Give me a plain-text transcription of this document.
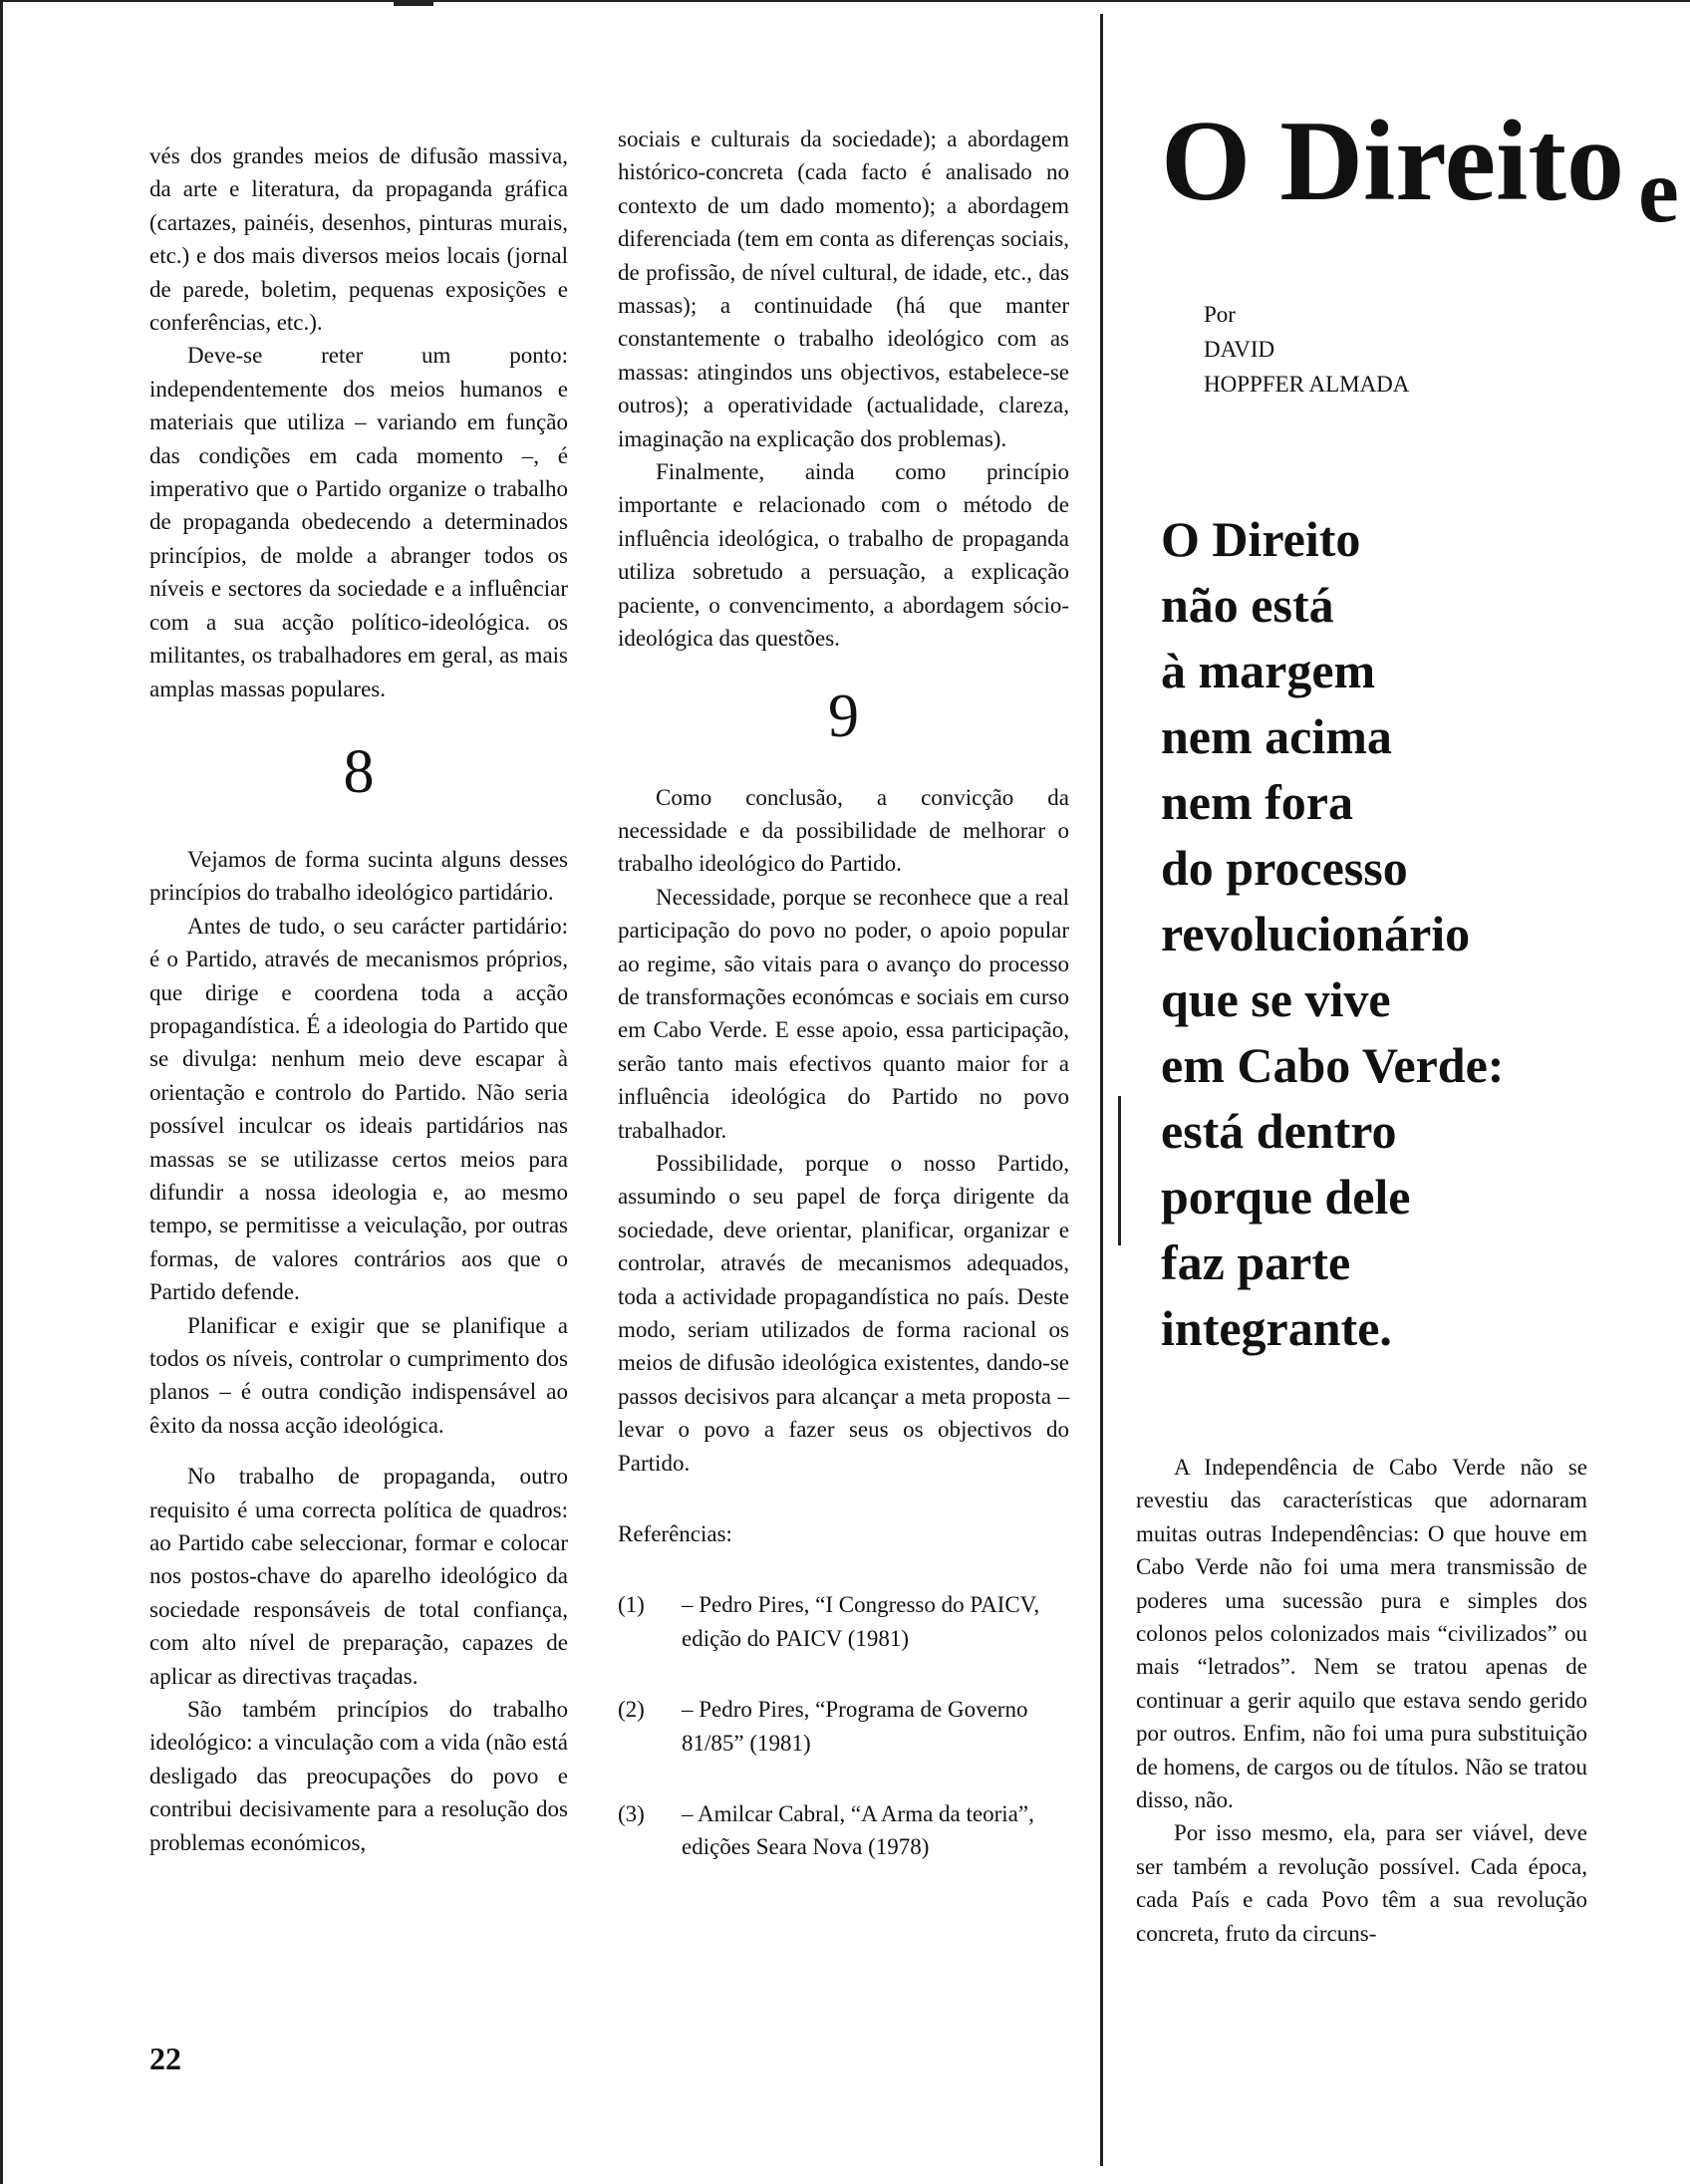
vés dos grandes meios de difusão massiva, da arte e literatura, da propaganda gráfica (cartazes, painéis, desenhos, pinturas murais, etc.) e dos mais diversos meios locais (jornal de parede, boletim, pequenas exposições e conferências, etc.).

Deve-se reter um ponto: independentemente dos meios humanos e materiais que utiliza – variando em função das condições em cada momento –, é imperativo que o Partido organize o trabalho de propaganda obedecendo a determinados princípios, de molde a abranger todos os níveis e sectores da sociedade e a influênciar com a sua acção político-ideológica. os militantes, os trabalhadores em geral, as mais amplas massas populares.

8

Vejamos de forma sucinta alguns desses princípios do trabalho ideológico partidário.

Antes de tudo, o seu carácter partidário: é o Partido, através de mecanismos próprios, que dirige e coordena toda a acção propagandística. É a ideologia do Partido que se divulga: nenhum meio deve escapar à orientação e controlo do Partido. Não seria possível inculcar os ideais partidários nas massas se se utilizasse certos meios para difundir a nossa ideologia e, ao mesmo tempo, se permitisse a veiculação, por outras formas, de valores contrários aos que o Partido defende.

Planificar e exigir que se planifique a todos os níveis, controlar o cumprimento dos planos – é outra condição indispensável ao êxito da nossa acção ideológica.

No trabalho de propaganda, outro requisito é uma correcta política de quadros: ao Partido cabe seleccionar, formar e colocar nos postos-chave do aparelho ideológico da sociedade responsáveis de total confiança, com alto nível de preparação, capazes de aplicar as directivas traçadas.

São também princípios do trabalho ideológico: a vinculação com a vida (não está desligado das preocupações do povo e contribui decisivamente para a resolução dos problemas económicos,

sociais e culturais da sociedade); a abordagem histórico-concreta (cada facto é analisado no contexto de um dado momento); a abordagem diferenciada (tem em conta as diferenças sociais, de profissão, de nível cultural, de idade, etc., das massas); a continuidade (há que manter constantemente o trabalho ideológico com as massas: atingindos uns objectivos, estabelece-se outros); a operatividade (actualidade, clareza, imaginação na explicação dos problemas).

Finalmente, ainda como princípio importante e relacionado com o método de influência ideológica, o trabalho de propaganda utiliza sobretudo a persuação, a explicação paciente, o convencimento, a abordagem sócio-ideológica das questões.

9

Como conclusão, a convicção da necessidade e da possibilidade de melhorar o trabalho ideológico do Partido.

Necessidade, porque se reconhece que a real participação do povo no poder, o apoio popular ao regime, são vitais para o avanço do processo de transformações económcas e sociais em curso em Cabo Verde. E esse apoio, essa participação, serão tanto mais efectivos quanto maior for a influência ideológica do Partido no povo trabalhador.

Possibilidade, porque o nosso Partido, assumindo o seu papel de força dirigente da sociedade, deve orientar, planificar, organizar e controlar, através de mecanismos adequados, toda a actividade propagandística no país. Deste modo, seriam utilizados de forma racional os meios de difusão ideológica existentes, dando-se passos decisivos para alcançar a meta proposta – levar o povo a fazer seus os objectivos do Partido.

Referências:

(1)	– Pedro Pires, “I Congresso do PAICV, edição do PAICV (1981)
(2)	– Pedro Pires, “Programa de Governo 81/85” (1981)
(3)	– Amilcar Cabral, “A Arma da teoria”, edições Seara Nova (1978)
22
O Direito e
Por
DAVID
HOPPFER ALMADA
O Direito
não está
à margem
nem acima
nem fora
do processo
revolucionário
que se vive
em Cabo Verde:
está dentro
porque dele
faz parte
integrante.

A Independência de Cabo Verde não se revestiu das características que adornaram muitas outras Independências: O que houve em Cabo Verde não foi uma mera transmissão de poderes uma sucessão pura e simples dos colonos pelos colonizados mais “civilizados” ou mais “letrados”. Nem se tratou apenas de continuar a gerir aquilo que estava sendo gerido por outros. Enfim, não foi uma pura substituição de homens, de cargos ou de títulos. Não se tratou disso, não.

Por isso mesmo, ela, para ser viável, deve ser também a revolução possível. Cada época, cada País e cada Povo têm a sua revolução concreta, fruto da circuns-
